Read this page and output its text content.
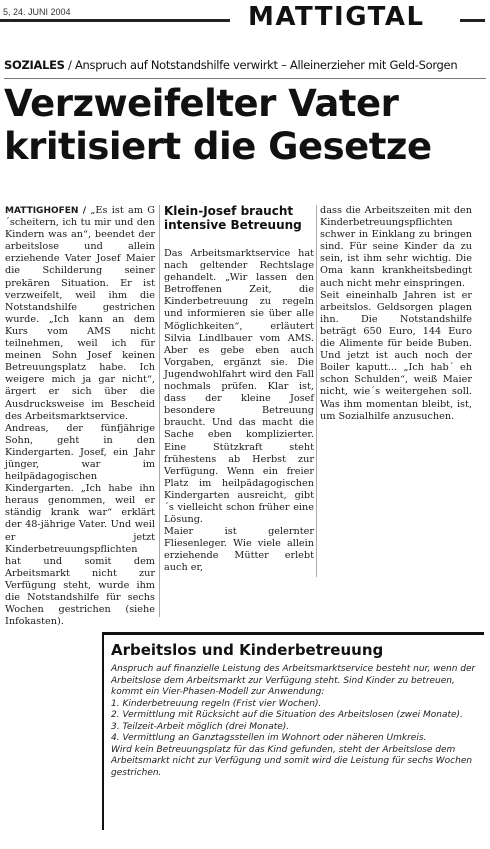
5, 24. JUNI 2004	MATTIGTAL
SOZIALES / Anspruch auf Notstandshilfe verwirkt – Alleinerzieher mit Geld-Sorgen
Verzweifelter Vater
kritisiert die Gesetze

MATTIGHOFEN / „Es ist am G´scheitern, ich tu mir und den Kindern was an“, beendet der arbeitslose und allein erziehende Vater Josef Maier die Schilderung seiner prekären Situation. Er ist verzweifelt, weil ihm die Notstandshilfe gestrichen wurde. „Ich kann an dem Kurs vom AMS nicht teilnehmen, weil ich für meinen Sohn Josef keinen Betreuungsplatz habe. Ich weigere mich ja gar nicht“, ärgert er sich über die Ausdrucksweise im Bescheid des Arbeitsmarktservice.

Andreas, der fünfjährige Sohn, geht in den Kindergarten. Josef, ein Jahr jünger, war im heilpädagogischen Kindergarten. „Ich habe ihn heraus genommen, weil er ständig krank war“ erklärt der 48-jährige Vater. Und weil er jetzt Kinderbetreuungspflichten hat und somit dem Arbeitsmarkt nicht zur Verfügung steht, wurde ihm die Notstandshilfe für sechs Wochen gestrichen (siehe Infokasten).

Klein-Josef braucht intensive Betreuung

Das Arbeitsmarktservice hat nach geltender Rechtslage gehandelt. „Wir lassen den Betroffenen Zeit, die Kinderbetreuung zu regeln und informieren sie über alle Möglichkeiten“, erläutert Silvia Lindlbauer vom AMS. Aber es gebe eben auch Vorgaben, ergänzt sie. Die Jugendwohlfahrt wird den Fall nochmals prüfen. Klar ist, dass der kleine Josef besondere Betreuung braucht. Und das macht die Sache eben komplizierter. Eine Stützkraft steht frühestens ab Herbst zur Verfügung. Wenn ein freier Platz im heilpädagogischen Kindergarten ausreicht, gibt´s vielleicht schon früher eine Lösung.

Maier ist gelernter Fliesenleger. Wie viele allein erziehende Mütter erlebt auch er,

dass die Arbeitszeiten mit den Kinderbetreuungspflichten schwer in Einklang zu bringen sind. Für seine Kinder da zu sein, ist ihm sehr wichtig. Die Oma kann krankheitsbedingt auch nicht mehr einspringen.

Seit eineinhalb Jahren ist er arbeitslos. Geldsorgen plagen ihn. Die Notstandshilfe beträgt 650 Euro, 144 Euro die Alimente für beide Buben. Und jetzt ist auch noch der Boiler kaputt... „Ich hab´ eh schon Schulden“, weiß Maier nicht, wie´s weitergehen soll. Was ihm momentan bleibt, ist, um Sozialhilfe anzusuchen.

Arbeitslos und Kinderbetreuung

Anspruch auf finanzielle Leistung des Arbeitsmarktservice besteht nur, wenn der Arbeitslose dem Arbeitsmarkt zur Verfügung steht. Sind Kinder zu betreuen, kommt ein Vier-Phasen-Modell zur Anwendung:

1. Kinderbetreuung regeln (Frist vier Wochen).

2. Vermittlung mit Rücksicht auf die Situation des Arbeitslosen (zwei Monate).

3. Teilzeit-Arbeit möglich (drei Monate).

4. Vermittlung an Ganztagsstellen im Wohnort oder näheren Umkreis.

Wird kein Betreuungsplatz für das Kind gefunden, steht der Arbeitslose dem Arbeitsmarkt nicht zur Verfügung und somit wird die Leistung für sechs Wochen gestrichen.
